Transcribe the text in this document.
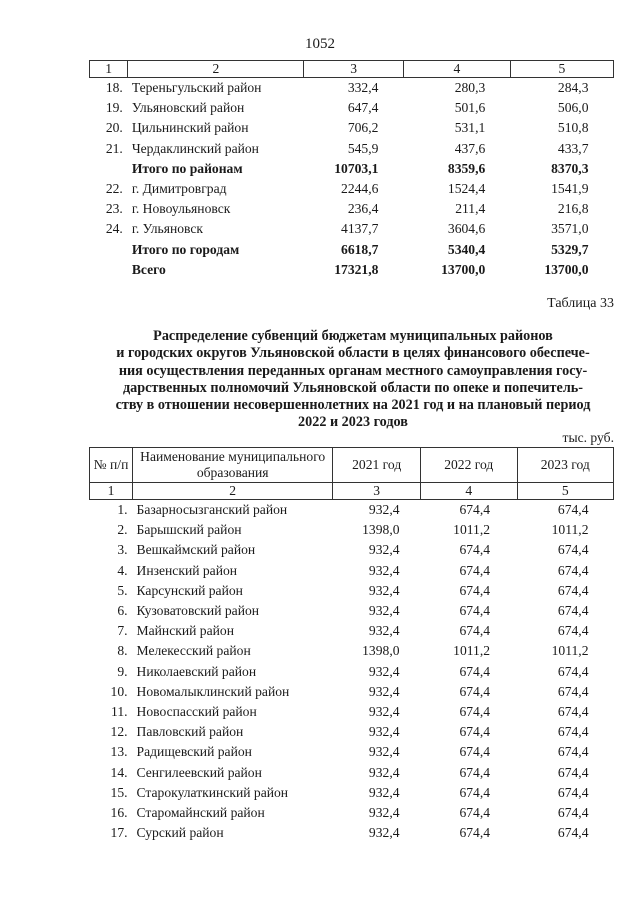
1052
1	2	3	4	5
18.	Тереньгульский район	332,4	280,3	284,3
19.	Ульяновский район	647,4	501,6	506,0
20.	Цильнинский район	706,2	531,1	510,8
21.	Чердаклинский район	545,9	437,6	433,7
	Итого по районам	10703,1	8359,6	8370,3
22.	г. Димитровград	2244,6	1524,4	1541,9
23.	г. Новоульяновск	236,4	211,4	216,8
24.	г. Ульяновск	4137,7	3604,6	3571,0
	Итого по городам	6618,7	5340,4	5329,7
	Всего	17321,8	13700,0	13700,0
Таблица 33
Распределение субвенций бюджетам муниципальных районов
и городских округов Ульяновской области в целях финансового обеспече-
ния осуществления переданных органам местного самоуправления госу-
дарственных полномочий Ульяновской области по опеке и попечитель-
ству в отношении несовершеннолетних на 2021 год и на плановый период
2022 и 2023 годов
тыс. руб.
№ п/п	Наименование муниципального образования	2021 год	2022 год	2023 год
1	2	3	4	5
1.	Базарносызганский район	932,4	674,4	674,4
2.	Барышский район	1398,0	1011,2	1011,2
3.	Вешкаймский район	932,4	674,4	674,4
4.	Инзенский район	932,4	674,4	674,4
5.	Карсунский район	932,4	674,4	674,4
6.	Кузоватовский район	932,4	674,4	674,4
7.	Майнский район	932,4	674,4	674,4
8.	Мелекесский район	1398,0	1011,2	1011,2
9.	Николаевский район	932,4	674,4	674,4
10.	Новомалыклинский район	932,4	674,4	674,4
11.	Новоспасский район	932,4	674,4	674,4
12.	Павловский район	932,4	674,4	674,4
13.	Радищевский район	932,4	674,4	674,4
14.	Сенгилеевский район	932,4	674,4	674,4
15.	Старокулаткинский район	932,4	674,4	674,4
16.	Старомайнский район	932,4	674,4	674,4
17.	Сурский район	932,4	674,4	674,4
